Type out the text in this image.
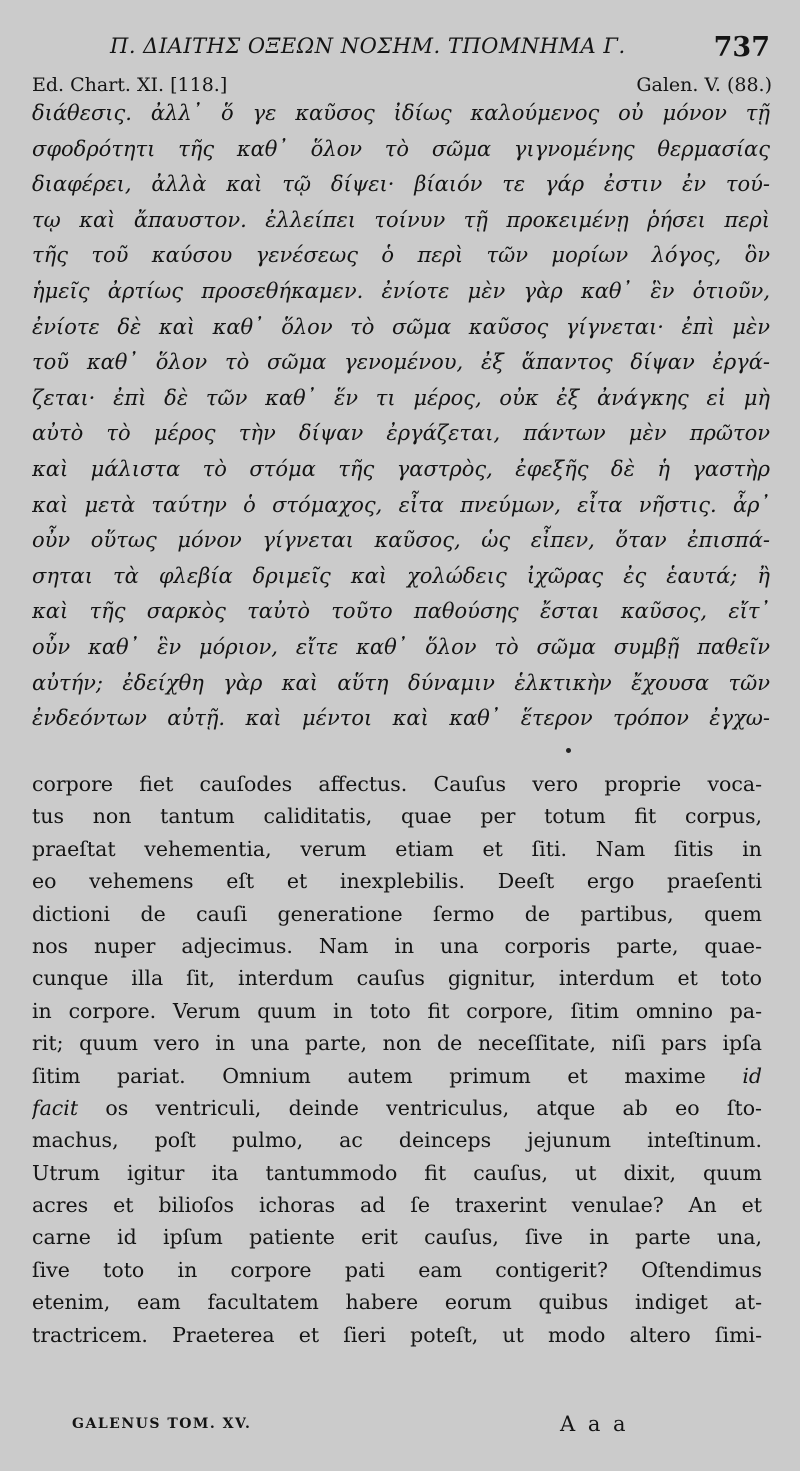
Π. ΔΙΑΙΤΗΣ ΟΞΕΩΝ ΝΟΣΗΜ. ΤΠΟΜΝΗΜΑ Γ.	737
Ed. Chart. XI. [118.]	Galen. V. (88.)
διάθεσις. ἀλλ᾽ ὅ γε καῦσος ἰδίως καλούμενος οὐ μόνον τῇ
σφοδρότητι τῆς καθ᾽ ὅλον τὸ σῶμα γιγνομένης θερμασίας
διαφέρει, ἀλλὰ καὶ τῷ δίψει· βίαιόν τε γάρ ἐστιν ἐν τού-
τῳ καὶ ἄπαυστον. ἐλλείπει τοίνυν τῇ προκειμένῃ ῥήσει περὶ
τῆς τοῦ καύσου γενέσεως ὁ περὶ τῶν μορίων λόγος, ὃν
ἡμεῖς ἀρτίως προσεθήκαμεν. ἐνίοτε μὲν γὰρ καθ᾽ ἓν ὁτιοῦν,
ἐνίοτε δὲ καὶ καθ᾽ ὅλον τὸ σῶμα καῦσος γίγνεται· ἐπὶ μὲν
τοῦ καθ᾽ ὅλον τὸ σῶμα γενομένου, ἐξ ἅπαντος δίψαν ἐργά-
ζεται· ἐπὶ δὲ τῶν καθ᾽ ἕν τι μέρος, οὐκ ἐξ ἀνάγκης εἰ μὴ
αὐτὸ τὸ μέρος τὴν δίψαν ἐργάζεται, πάντων μὲν πρῶτον
καὶ μάλιστα τὸ στόμα τῆς γαστρὸς, ἐφεξῆς δὲ ἡ γαστὴρ
καὶ μετὰ ταύτην ὁ στόμαχος, εἶτα πνεύμων, εἶτα νῆστις. ἆρ᾽
οὖν οὕτως μόνον γίγνεται καῦσος, ὡς εἶπεν, ὅταν ἐπισπά-
σηται τὰ φλεβία δριμεῖς καὶ χολώδεις ἰχῶρας ἐς ἑαυτά; ἢ
καὶ τῆς σαρκὸς ταὐτὸ τοῦτο παθούσης ἔσται καῦσος, εἴτ᾽
οὖν καθ᾽ ἓν μόριον, εἴτε καθ᾽ ὅλον τὸ σῶμα συμβῇ παθεῖν
αὐτήν; ἐδείχθη γὰρ καὶ αὕτη δύναμιν ἑλκτικὴν ἔχουσα τῶν
ἐνδεόντων αὐτῇ. καὶ μέντοι καὶ καθ᾽ ἕτερον τρόπον ἐγχω-
corpore fiet cauſodes affectus. Cauſus vero proprie voca-
tus non tantum caliditatis, quae per totum fit corpus,
praeſtat vehementia, verum etiam et ſiti. Nam ſitis in
eo vehemens eſt et inexplebilis. Deeſt ergo praeſenti
dictioni de cauſi generatione ſermo de partibus, quem
nos nuper adjecimus. Nam in una corporis parte, quae-
cunque illa ſit, interdum cauſus gignitur, interdum et toto
in corpore. Verum quum in toto fit corpore, ſitim omnino pa-
rit; quum vero in una parte, non de neceſſitate, niſi pars ipſa
ſitim pariat. Omnium autem primum et maxime id
facit os ventriculi, deinde ventriculus, atque ab eo ſto-
machus, poſt pulmo, ac deinceps jejunum inteſtinum.
Utrum igitur ita tantummodo fit cauſus, ut dixit, quum
acres et bilioſos ichoras ad ſe traxerint venulae? An et
carne id ipſum patiente erit cauſus, ſive in parte una,
ſive toto in corpore pati eam contigerit? Oſtendimus
etenim, eam facultatem habere eorum quibus indiget at-
tractricem. Praeterea et ſieri poteſt, ut modo altero ſimi-
GALENUS TOM. XV.	A a a
